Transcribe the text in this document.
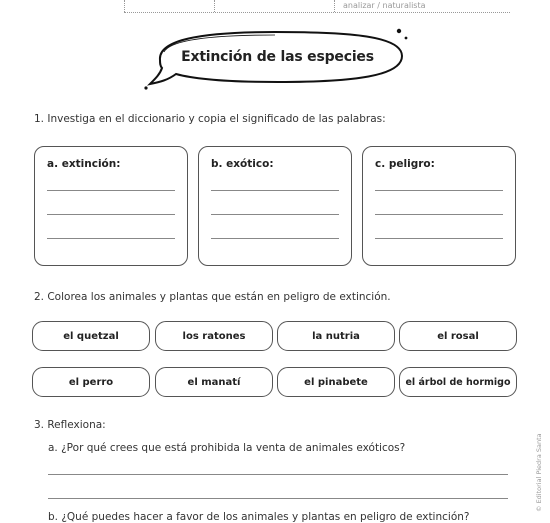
analizar / naturalista
Extinción de las especies
1. Investiga en el diccionario y copia el significado de las palabras:
a. extinción:	b. exótico:	c. peligro:
2. Colorea los animales y plantas que están en peligro de extinción.
el quetzal	los ratones	la nutria	el rosal
el perro	el manatí	el pinabete	el árbol de hormigo
3. Reflexiona:
a. ¿Por qué crees que está prohibida la venta de animales exóticos?
b. ¿Qué puedes hacer a favor de los animales y plantas en peligro de extinción?
© Editorial Piedra Santa
